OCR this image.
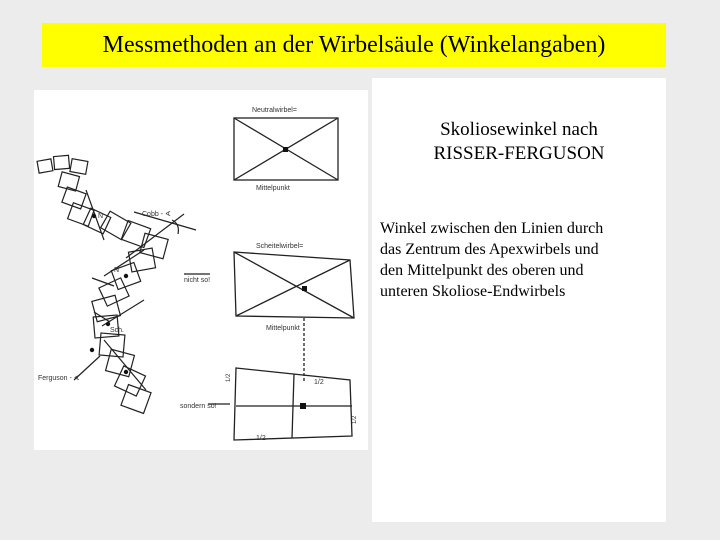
Messmethoden an der Wirbelsäule (Winkelangaben)
Neutralwirbel=
Mittelpunkt
Scheitelwirbel=
Mittelpunkt
Cobb - ∢
N
N
nicht so!
Sch.
Ferguson - ∢
sondern so!
1/2
1/2
1/2
1/2
Skoliosewinkel nach
RISSER-FERGUSON
Winkel zwischen den Linien durch
das Zentrum des Apexwirbels und
den Mittelpunkt des oberen und
unteren Skoliose-Endwirbels
